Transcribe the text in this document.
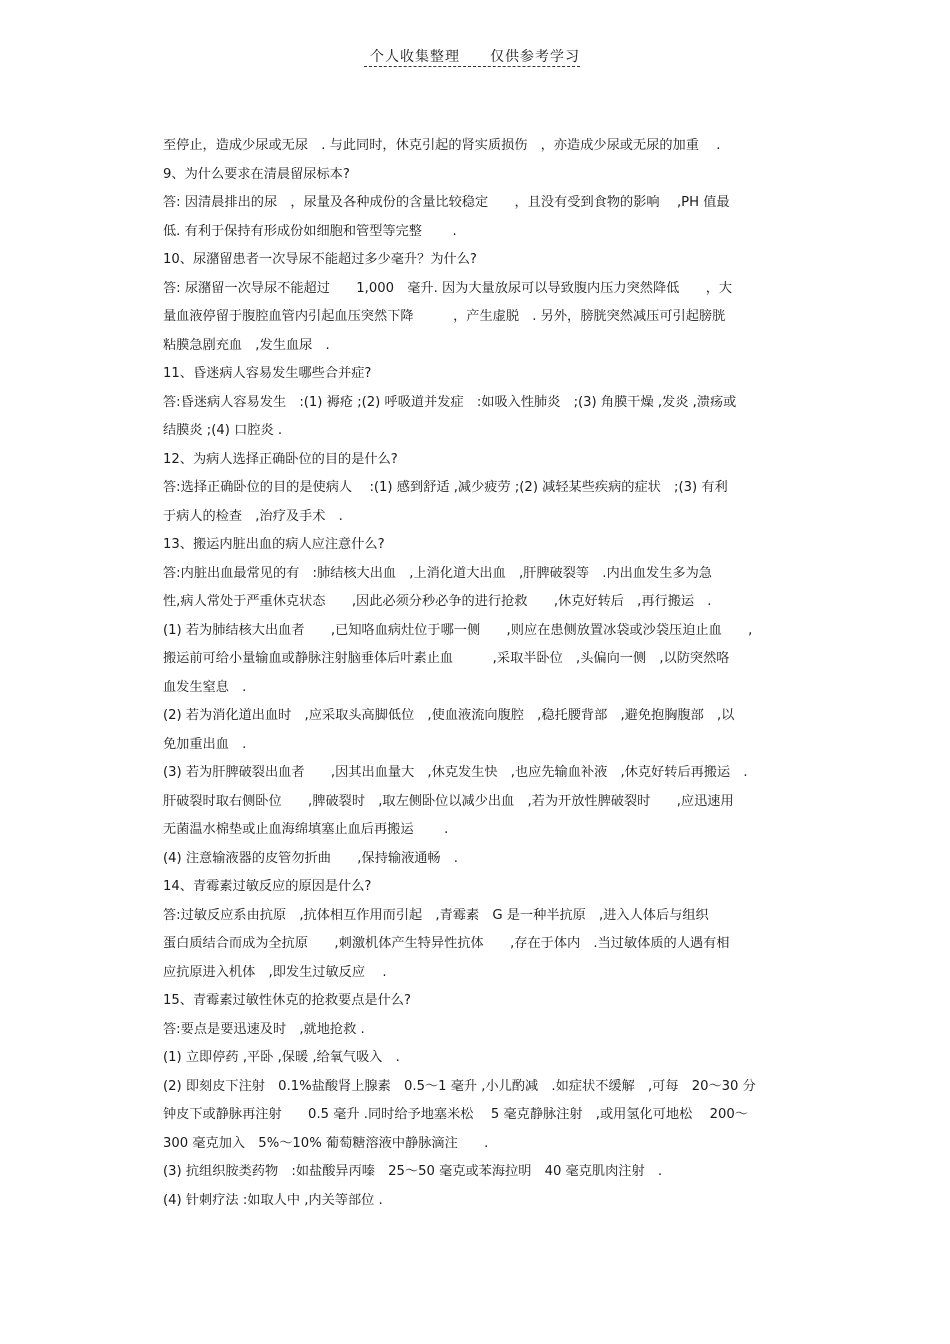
个人收集整理　　仅供参考学习
至停止，造成少尿或无尿　. 与此同时，休克引起的肾实质损伤　，亦造成少尿或无尿的加重　 .
9、为什么要求在清晨留尿标本?
答: 因清晨排出的尿　，尿量及各种成份的含量比较稳定　　，且没有受到食物的影响　 ,PH 值最
低. 有利于保持有形成份如细胞和管型等完整　　 .
10、尿潴留患者一次导尿不能超过多少毫升？为什么?
答: 尿潴留一次导尿不能超过　　1,000　毫升. 因为大量放尿可以导致腹内压力突然降低　　，大
量血液停留于腹腔血管内引起血压突然下降　　　，产生虚脱　. 另外，膀胱突然减压可引起膀胱
粘膜急剧充血　,发生血尿　.
11、昏迷病人容易发生哪些合并症?
答:昏迷病人容易发生　:(1) 褥疮 ;(2) 呼吸道并发症　:如吸入性肺炎　;(3) 角膜干燥 ,发炎 ,溃疡或
结膜炎 ;(4) 口腔炎 .
12、为病人选择正确卧位的目的是什么?
答:选择正确卧位的目的是使病人　 :(1) 感到舒适 ,减少疲劳 ;(2) 减轻某些疾病的症状　;(3) 有利
于病人的检查　,治疗及手术　.
13、搬运内脏出血的病人应注意什么?
答:内脏出血最常见的有　:肺结核大出血　,上消化道大出血　,肝脾破裂等　.内出血发生多为急
性,病人常处于严重休克状态　　,因此必须分秒必争的进行抢救　　,休克好转后　,再行搬运　.
(1) 若为肺结核大出血者　　,已知咯血病灶位于哪一侧　　,则应在患侧放置冰袋或沙袋压迫止血　　,
搬运前可给小量输血或静脉注射脑垂体后叶素止血　　　,采取半卧位　,头偏向一侧　,以防突然咯
血发生窒息　.
(2) 若为消化道出血时　,应采取头高脚低位　,使血液流向腹腔　,稳托腰背部　,避免抱胸腹部　,以
免加重出血　.
(3) 若为肝脾破裂出血者　　,因其出血量大　,休克发生快　,也应先输血补液　,休克好转后再搬运　.
肝破裂时取右侧卧位　　,脾破裂时　,取左侧卧位以减少出血　,若为开放性脾破裂时　　,应迅速用
无菌温水棉垫或止血海绵填塞止血后再搬运　　 .
(4) 注意输液器的皮管勿折曲　　,保持输液通畅　.
14、青霉素过敏反应的原因是什么?
答:过敏反应系由抗原　,抗体相互作用而引起　,青霉素　G 是一种半抗原　,进入人体后与组织
蛋白质结合而成为全抗原　　,刺激机体产生特异性抗体　　,存在于体内　.当过敏体质的人遇有相
应抗原进入机体　,即发生过敏反应　 .
15、青霉素过敏性休克的抢救要点是什么?
答:要点是要迅速及时　,就地抢救 .
(1) 立即停药 ,平卧 ,保暖 ,给氧气吸入　.
(2) 即刻皮下注射　0.1%盐酸肾上腺素　0.5～1 毫升 ,小儿酌减　.如症状不缓解　,可每　20～30 分
钟皮下或静脉再注射　　0.5 毫升 .同时给予地塞米松　 5 毫克静脉注射　,或用氢化可地松　 200～
300 毫克加入　5%～10% 葡萄糖溶液中静脉滴注　　.
(3) 抗组织胺类药物　:如盐酸异丙嗪　25～50 毫克或苯海拉明　40 毫克肌肉注射　.
(4) 针刺疗法 :如取人中 ,内关等部位 .
